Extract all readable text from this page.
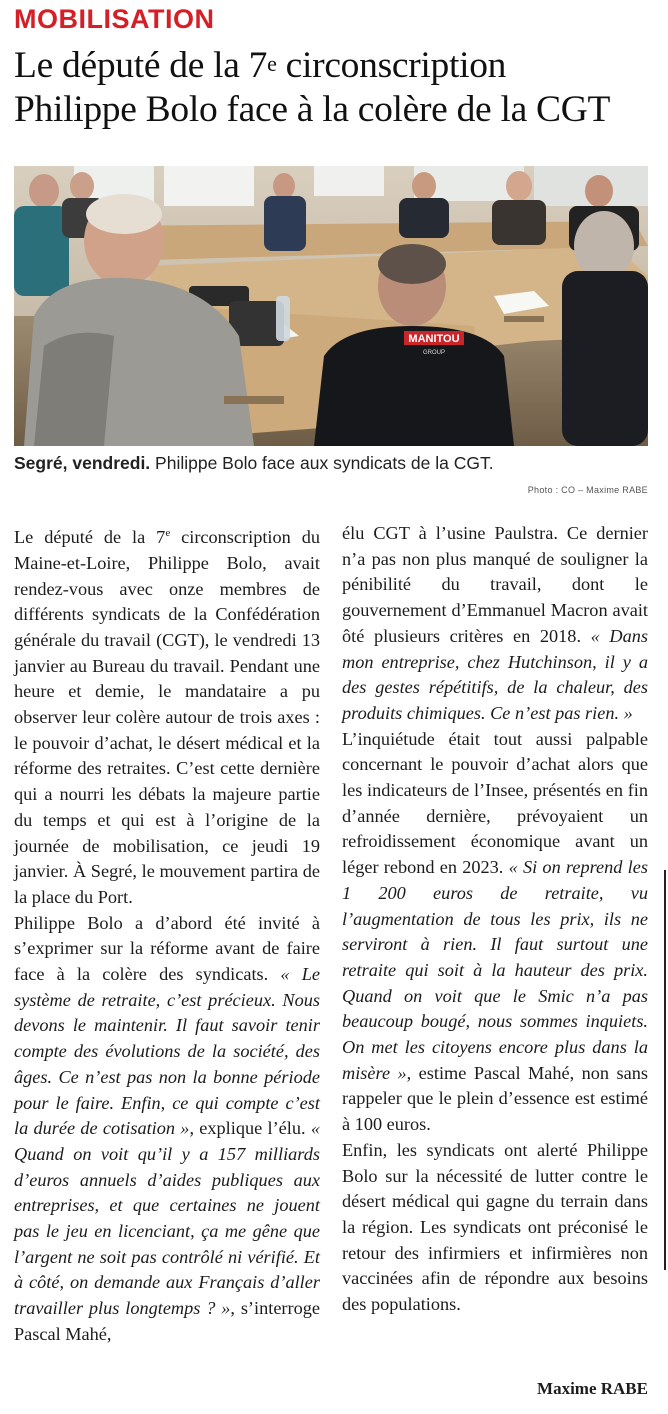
MOBILISATION
Le député de la 7e circonscription
Philippe Bolo face à la colère de la CGT
MANITOU
GROUP
Segré, vendredi. Philippe Bolo face aux syndicats de la CGT.
Photo : CO – Maxime RABE

Le député de la 7e circonscription du Maine-et-Loire, Philippe Bolo, avait rendez-vous avec onze membres de différents syndicats de la Confédération générale du travail (CGT), le vendredi 13 janvier au Bureau du travail. Pendant une heure et demie, le mandataire a pu observer leur colère autour de trois axes : le pouvoir d’achat, le désert médical et la réforme des retraites. C’est cette dernière qui a nourri les débats la majeure partie du temps et qui est à l’origine de la journée de mobilisation, ce jeudi 19 janvier. À Segré, le mouvement partira de la place du Port.

Philippe Bolo a d’abord été invité à s’exprimer sur la réforme avant de faire face à la colère des syndicats. « Le système de retraite, c’est précieux. Nous devons le maintenir. Il faut savoir tenir compte des évolutions de la société, des âges. Ce n’est pas non la bonne période pour le faire. Enfin, ce qui compte c’est la durée de cotisation », explique l’élu. « Quand on voit qu’il y a 157 milliards d’euros annuels d’aides publiques aux entreprises, et que certaines ne jouent pas le jeu en licenciant, ça me gêne que l’argent ne soit pas contrôlé ni vérifié. Et à côté, on demande aux Français d’aller travailler plus longtemps ? », s’interroge Pascal Mahé,

élu CGT à l’usine Paulstra. Ce dernier n’a pas non plus manqué de souligner la pénibilité du travail, dont le gouvernement d’Emmanuel Macron avait ôté plusieurs critères en 2018. « Dans mon entreprise, chez Hutchinson, il y a des gestes répétitifs, de la chaleur, des produits chimiques. Ce n’est pas rien. »

L’inquiétude était tout aussi palpable concernant le pouvoir d’achat alors que les indicateurs de l’Insee, présentés en fin d’année dernière, prévoyaient un refroidissement économique avant un léger rebond en 2023. « Si on reprend les 1 200 euros de retraite, vu l’augmentation de tous les prix, ils ne serviront à rien. Il faut surtout une retraite qui soit à la hauteur des prix. Quand on voit que le Smic n’a pas beaucoup bougé, nous sommes inquiets. On met les citoyens encore plus dans la misère », estime Pascal Mahé, non sans rappeler que le plein d’essence est estimé à 100 euros.

Enfin, les syndicats ont alerté Philippe Bolo sur la nécessité de lutter contre le désert médical qui gagne du terrain dans la région. Les syndicats ont préconisé le retour des infirmiers et infirmières non vaccinées afin de répondre aux besoins des populations.

Maxime RABE
